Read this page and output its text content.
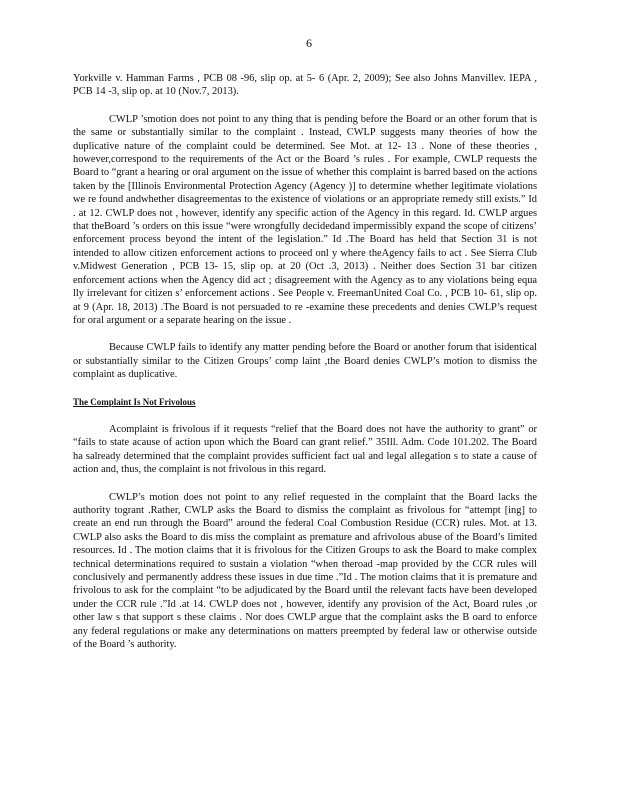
6

Yorkville v. Hamman Farms , PCB 08 -96, slip op. at 5- 6 (Apr. 2, 2009); See also Johns Manvillev. IEPA , PCB 14 -3, slip op. at 10 (Nov.7, 2013).

CWLP ’smotion does not point to any thing that is pending before the Board or an other forum that is the same or substantially similar to the complaint . Instead, CWLP suggests many theories of how the duplicative nature of the complaint could be determined. See Mot. at 12- 13 . None of these theories , however,correspond to the requirements of the Act or the Board ’s rules . For example, CWLP requests the Board to “grant a hearing or oral argument on the issue of whether this complaint is barred based on the actions taken by the [Illinois Environmental Protection Agency (Agency )] to determine whether legitimate violations we re found andwhether disagreementas to the existence of violations or an appropriate remedy still exists.” Id . at 12. CWLP does not , however, identify any specific action of the Agency in this regard. Id. CWLP argues that theBoard ’s orders on this issue “were wrongfully decidedand impermissibly expand the scope of citizens’ enforcement process beyond the intent of the legislation.” Id .The Board has held that Section 31 is not intended to allow citizen enforcement actions to proceed onl y where theAgency fails to act . See Sierra Club v.Midwest Generation , PCB 13- 15, slip op. at 20 (Oct .3, 2013) . Neither does Section 31 bar citizen enforcement actions when the Agency did act ; disagreement with the Agency as to any violations being equa lly irrelevant for citizen s’ enforcement actions . See People v. FreemanUnited Coal Co. , PCB 10- 61, slip op. at 9 (Apr. 18, 2013) .The Board is not persuaded to re -examine these precedents and denies CWLP’s request for oral argument or a separate hearing on the issue .

Because CWLP fails to identify any matter pending before the Board or another forum that isidentical or substantially similar to the Citizen Groups’ comp laint ,the Board denies CWLP’s motion to dismiss the complaint as duplicative.

The Complaint Is Not Frivolous

Acomplaint is frivolous if it requests “relief that the Board does not have the authority to grant” or “fails to state acause of action upon which the Board can grant relief.” 35Ill. Adm. Code 101.202. The Board ha salready determined that the complaint provides sufficient fact ual and legal allegation s to state a cause of action and, thus, the complaint is not frivolous in this regard.

CWLP’s motion does not point to any relief requested in the complaint that the Board lacks the authority togrant .Rather, CWLP asks the Board to dismiss the complaint as frivolous for “attempt [ing] to create an end run through the Board” around the federal Coal Combustion Residue (CCR) rules. Mot. at 13. CWLP also asks the Board to dis miss the complaint as premature and afrivolous abuse of the Board’s limited resources. Id . The motion claims that it is frivolous for the Citizen Groups to ask the Board to make complex technical determinations required to sustain a violation “when theroad -map provided by the CCR rules will conclusively and permanently address these issues in due time .”Id . The motion claims that it is premature and frivolous to ask for the complaint “to be adjudicated by the Board until the relevant facts have been developed under the CCR rule .”Id .at 14. CWLP does not , however, identify any provision of the Act, Board rules ,or other law s that support s these claims . Nor does CWLP argue that the complaint asks the B oard to enforce any federal regulations or make any determinations on matters preempted by federal law or otherwise outside of the Board ’s authority.
